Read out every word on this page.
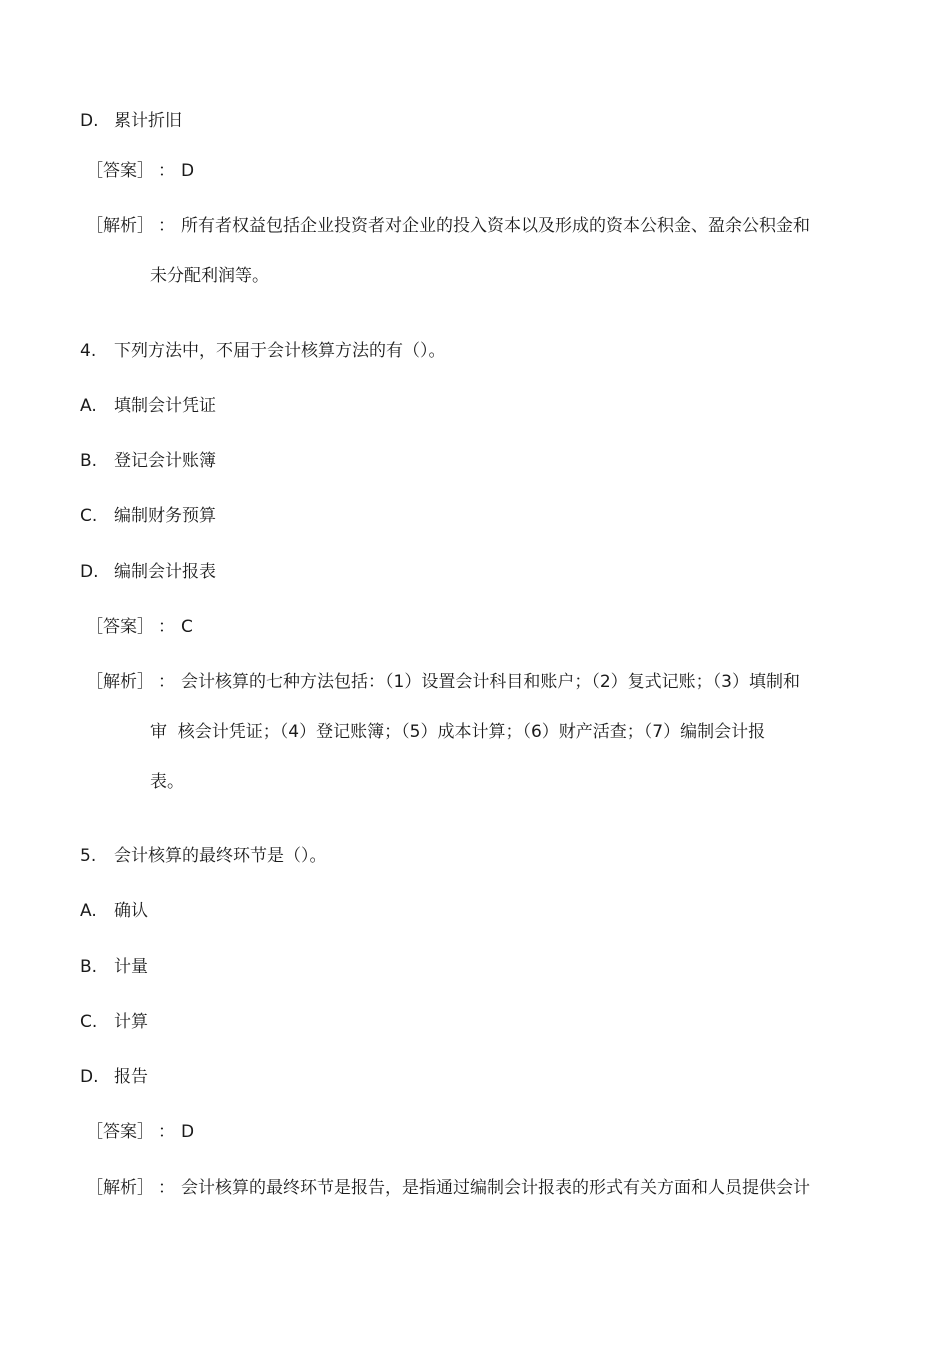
D. 累计折旧
［答案］ ： D
［解析］ ： 所有者权益包括企业投资者对企业的投入资本以及形成的资本公积金、盈余公积金和
未分配利润等。
4. 下列方法中，不届于会计核算方法的有（）。
A. 填制会计凭证
B. 登记会计账簿
C. 编制财务预算
D. 编制会计报表
［答案］ ： C
［解析］ ： 会计核算的七种方法包括：（1）设置会计科目和账户；（2）复式记账；（3）填制和
审  核会计凭证；（4）登记账簿；（5）成本计算；（6）财产活查；（7）编制会计报
表。
5. 会计核算的最终环节是（）。
A. 确认
B. 计量
C. 计算
D. 报告
［答案］ ： D
［解析］ ： 会计核算的最终环节是报告，是指通过编制会计报表的形式有关方面和人员提供会计
